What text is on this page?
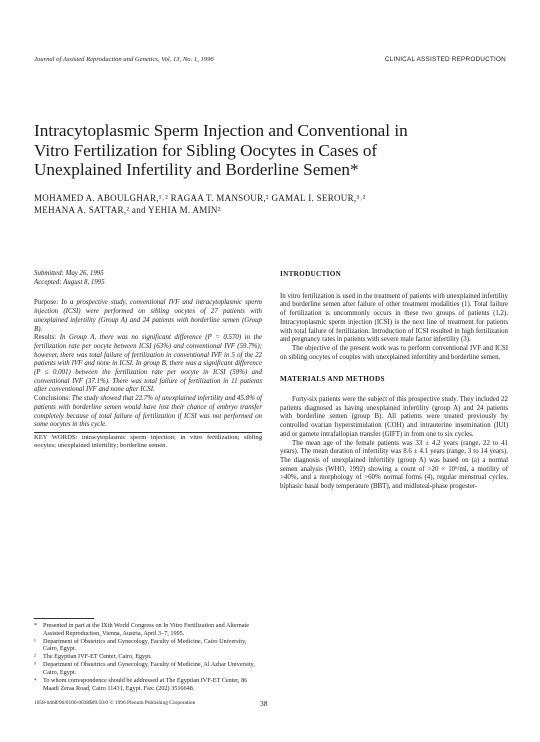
Journal of Assisted Reproduction and Genetics, Vol. 13, No. 1, 1996	CLINICAL ASSISTED REPRODUCTION
Intracytoplasmic Sperm Injection and Conventional in
Vitro Fertilization for Sibling Oocytes in Cases of
Unexplained Infertility and Borderline Semen*
MOHAMED A. ABOULGHAR,¹˒² RAGAA T. MANSOUR,² GAMAL I. SEROUR,³˒²
MEHANA A. SATTAR,² and YEHIA M. AMIN²
Submitted: May 26, 1995
Accepted: August 8, 1995

Purpose: In a prospective study, conventional IVF and intracytoplasmic sperm injection (ICSI) were performed on sibling oocytes of 27 patients with unexplained infertility (Group A) and 24 patients with borderline semen (Group B).

Results: In Group A, there was no significant difference (P = 0.570) in the fertilization rate per oocyte between ICSI (63%) and conventional IVF (59.7%); however, there was total failure of fertilization in conventional IVF in 5 of the 22 patients with IVF and none in ICSI. In group B, there was a significant difference (P ≤ 0.001) between the fertilization rate per oocyte in ICSI (59%) and conventional IVF (37.1%). There was total failure of fertilization in 11 patients after conventional IVF and none after ICSI.

Conclusions: The study showed that 22.7% of unexplained infertility and 45.8% of patients with borderline semen would have lost their chance of embryo transfer completely because of total failure of fertilization if ICSI was not performed on some oocytes in this cycle.

KEY WORDS: intracytoplasmic sperm injection; in vitro fertilization; sibling oocytes; unexplained infertility; borderline semen.
* Presented in part at the IXth World Congress on In Vitro Fertilization and Alternate Assisted Reproduction, Vienna, Austria, April 3–7, 1995.
¹	Department of Obstetrics and Gynecology, Faculty of Medicine, Cairo University, Cairo, Egypt.
²	The Egyptian IVF-ET Center, Cairo, Egypt.
³	Department of Obstetrics and Gynecology, Faculty of Medicine, Al Azhar University, Cairo, Egypt.
⁴	To whom correspondence should be addressed at The Egyptian IVF-ET Center, 86 Maadi Zeraa Road, Cairo 11431, Egypt. Fax: (202) 3516648.
INTRODUCTION

In vitro fertilization is used in the treatment of patients with unexplained infertility and borderline semen after failure of other treatment modalities (1). Total failure of fertilization is uncommonly occurs in these two groups of patients (1,2). Intracytoplasmic sperm injection (ICSI) is the next line of treatment for patients with total failure of fertilization. Introduction of ICSI resulted in high fertilization and pregnancy rates in patients with severe male factor infertility (3).

The objective of the present work was to perform conventional IVF and ICSI on sibling oocytes of couples with unexplained infertility and borderline semen.

MATERIALS AND METHODS

Forty-six patients were the subject of this prospective study. They included 22 patients diagnosed as having unexplained infertility (group A) and 24 patients with borderline semen (group B). All patients were treated previously by controlled ovarian hyperstimulation (COH) and intrauterine insemination (IUI) and or gamete intrafallopian transfer (GIFT) in from one to six cycles.

The mean age of the female patients was 33 ± 4.2 years (range, 22 to 41 years). The mean duration of infertility was 8.6 ± 4.1 years (range, 3 to 14 years). The diagnosis of unexplained infertility (group A) was based on (a) a normal semen analysis (WHO, 1992) showing a count of >20 × 10⁶/ml, a motility of >40%, and a morphology of >60% normal forms (4), regular menstrual cycles, biphasic basal body temperature (BBT), and midluteal-phase progester-

1058-0468/96/0100-0038$09.50/0 © 1996 Plenum Publishing Corporation	38
